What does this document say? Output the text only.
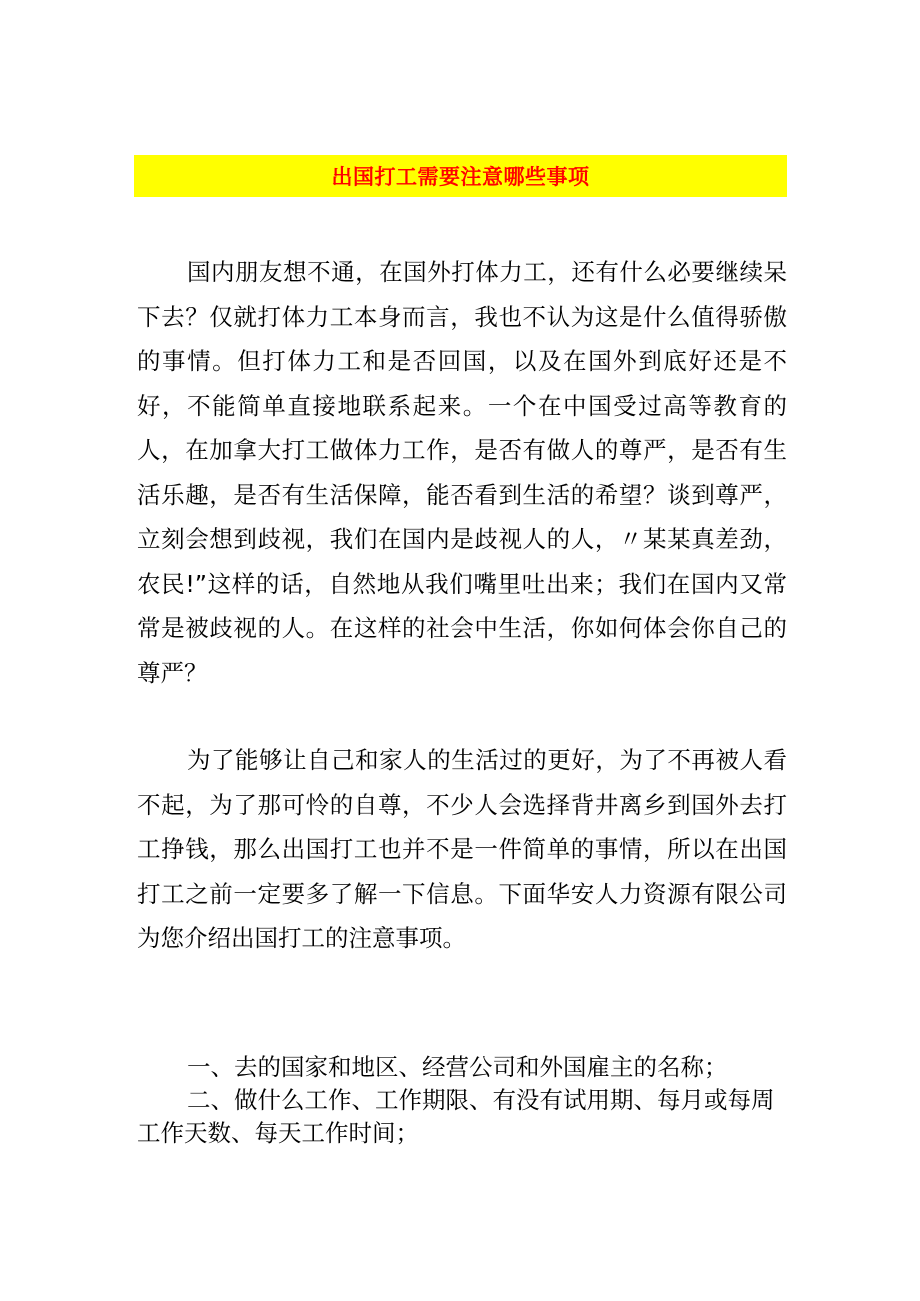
出国打工需要注意哪些事项

国内朋友想不通，在国外打体力工，还有什么必要继续呆下去？仅就打体力工本身而言，我也不认为这是什么值得骄傲的事情。但打体力工和是否回国，以及在国外到底好还是不好，不能简单直接地联系起来。一个在中国受过高等教育的人，在加拿大打工做体力工作，是否有做人的尊严，是否有生活乐趣，是否有生活保障，能否看到生活的希望？谈到尊严，立刻会想到歧视，我们在国内是歧视人的人，〃某某真差劲，农民!”这样的话，自然地从我们嘴里吐出来；我们在国内又常常是被歧视的人。在这样的社会中生活，你如何体会你自己的尊严？

为了能够让自己和家人的生活过的更好，为了不再被人看不起，为了那可怜的自尊，不少人会选择背井离乡到国外去打工挣钱，那么出国打工也并不是一件简单的事情，所以在出国打工之前一定要多了解一下信息。下面华安人力资源有限公司为您介绍出国打工的注意事项。

一、去的国家和地区、经营公司和外国雇主的名称；

二、做什么工作、工作期限、有没有试用期、每月或每周工作天数、每天工作时间；
